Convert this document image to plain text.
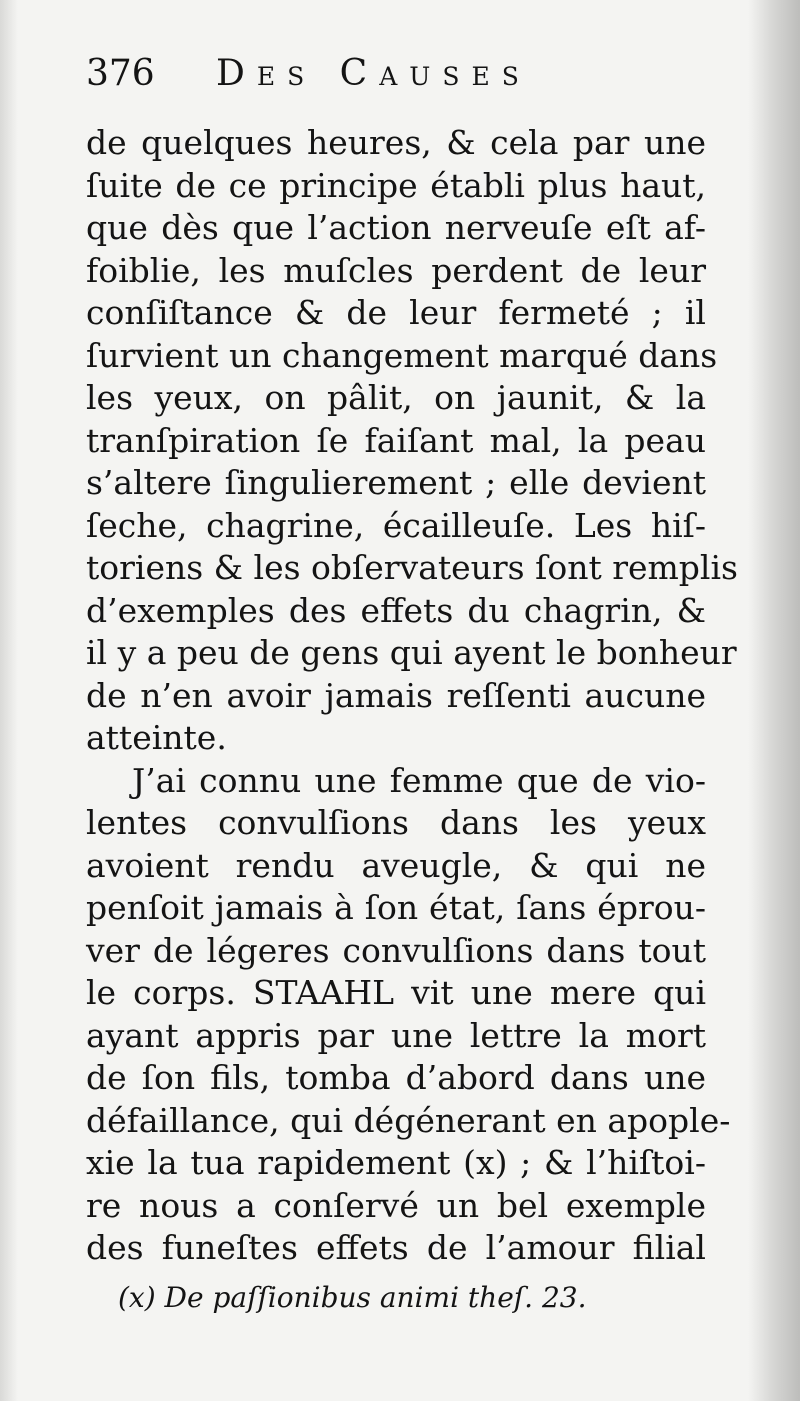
376 Des Causes
de quelques heures, & cela par une
ſuite de ce principe établi plus haut,
que dès que l’action nerveuſe eſt af-
foiblie, les muſcles perdent de leur
conſiſtance & de leur fermeté ; il
ſurvient un changement marqué dans
les yeux, on pâlit, on jaunit, & la
tranſpiration ſe faiſant mal, la peau
s’altere ſingulierement ; elle devient
ſeche, chagrine, écailleuſe. Les hiſ-
toriens & les obſervateurs ſont remplis
d’exemples des effets du chagrin, &
il y a peu de gens qui ayent le bonheur
de n’en avoir jamais reſſenti aucune
atteinte.
J’ai connu une femme que de vio-
lentes convulſions dans les yeux
avoient rendu aveugle, & qui ne
penſoit jamais à ſon état, ſans éprou-
ver de légeres convulſions dans tout
le corps. STAAHL vit une mere qui
ayant appris par une lettre la mort
de ſon fils, tomba d’abord dans une
défaillance, qui dégénerant en apople-
xie la tua rapidement (x) ; & l’hiſtoi-
re nous a conſervé un bel exemple
des funeſtes effets de l’amour filial
(x) De paſſionibus animi theſ. 23.
